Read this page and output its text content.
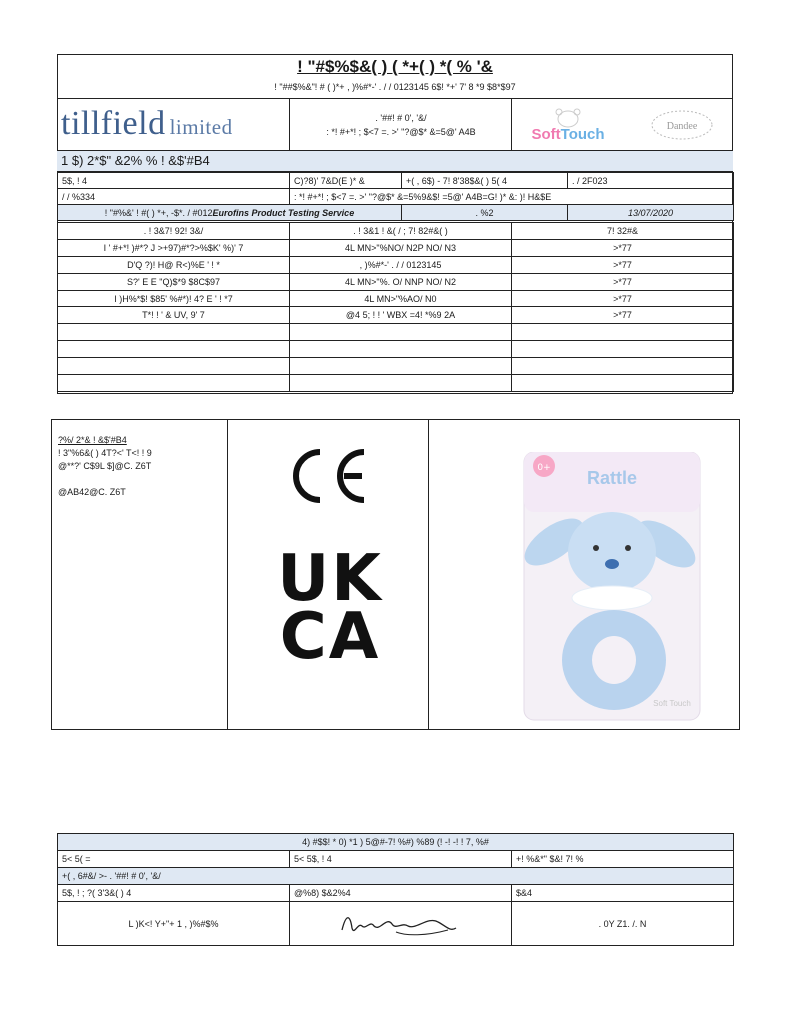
! "#$%$&( ) ( *+( ) *( % '&
! "##$%&"! # ( )*+ , )%#*-' . / / 0123145 6$! *+' 7' 8 *9 $8*$97
tillfield limited	. '##! # 0', '&/
: *! #+*! ; $<7 =. >' "?@$* &=5@' A4B	SoftTouch	Dandee
1 $) 2*$" &2% % ! &$'#B4
5$, ! 4	C)?8)' 7&D(E )* &	+( , 6$) - 7! 8'38$&( ) 5( 4	. / 2F023
/ / %334	: *! #+*! ; $<7 =. >' "?@$* &=5%9&$! =5@' A4B=G! )* &: )! H&$E		
! "#%&' ! #( ) *+, -$*. / #012Eurofins Product Testing Service		. %2	13/07/2020
. ! 3&7! 92! 3&/	. ! 3&1 ! &( / ; 7! 82#&( )	7! 32#&
I ' #+*! )#*? J >+97)#*?>%$K' %)' 7	4L MN>"%NO/ N2P NO/ N3	>*77
D'Q ?)! H@ R<)%E ' ! *	, )%#*-' . / / 0123145	>*77
S?' E E "Q)$*9 $8C$97	4L MN>"%. O/ NNP NO/ N2	>*77
I )H%*$! $85' %#*)! 4? E ' ! *7	4L MN>"%AO/ N0	>*77
T*! ! ' & UV, 9' 7	@4 5; ! ! ' WBX =4! *%9 2A	>*77

?%/ 2*& ! &$'#B4
! 3"%6&( ) 4T?<' T<! ! 9
@**?' C$9L $]@C. Z6T
@AB42@C. Z6T
UK
CA
0+ Rattle
Soft Touch
4) #$$! * 0) *1 ) 5@#-7! %#) %89 (! -! -! ! 7, %#		
5< 5( =	5< 5$, ! 4	+! %&*" $&! 7! %
+( , 6#&/ >- . '##! # 0', '&/		
5$, ! ; ?( 3'3&( ) 4	@%8) $&2%4	$&4
L )K<! Y+"+ 1 , )%#$%		. 0Y Z1. /. N
